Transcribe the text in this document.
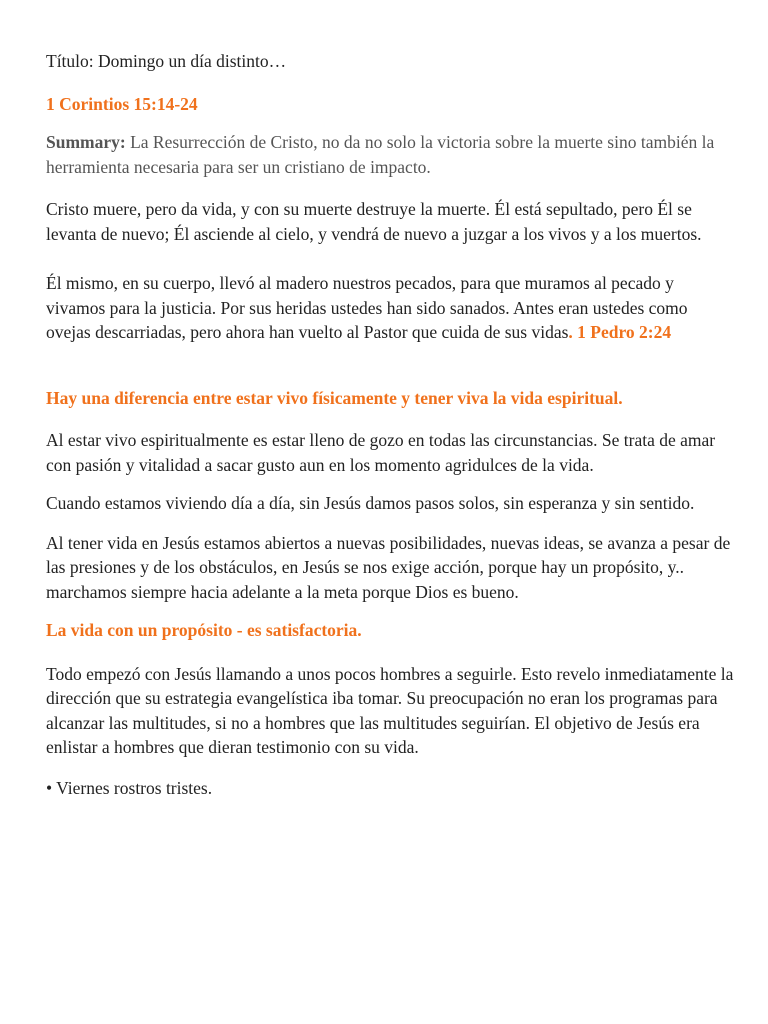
Título: Domingo un día distinto…

1 Corintios 15:14-24

Summary: La Resurrección de Cristo, no da no solo la victoria sobre la muerte sino también la herramienta necesaria para ser un cristiano de impacto.

Cristo muere, pero da vida, y con su muerte destruye la muerte. Él está sepultado, pero Él se levanta de nuevo; Él asciende al cielo, y vendrá de nuevo a juzgar a los vivos y a los muertos.

Él mismo, en su cuerpo, llevó al madero nuestros pecados, para que muramos al pecado y vivamos para la justicia. Por sus heridas ustedes han sido sanados. Antes eran ustedes como ovejas descarriadas, pero ahora han vuelto al Pastor que cuida de sus vidas. 1 Pedro 2:24

Hay una diferencia entre estar vivo físicamente y tener viva la vida espiritual.

Al estar vivo espiritualmente es estar lleno de gozo en todas las circunstancias. Se trata de amar con pasión y vitalidad a sacar gusto aun en los momento agridulces de la vida.

Cuando estamos viviendo día a día, sin Jesús damos pasos solos, sin esperanza y sin sentido.

Al tener vida en Jesús estamos abiertos a nuevas posibilidades, nuevas ideas, se avanza a pesar de las presiones y de los obstáculos, en Jesús se nos exige acción, porque hay un propósito, y.. marchamos siempre hacia adelante a la meta porque Dios es bueno.

La vida con un propósito - es satisfactoria.

Todo empezó con Jesús llamando a unos pocos hombres a seguirle. Esto revelo inmediatamente la dirección que su estrategia evangelística iba tomar. Su preocupación no eran los programas para alcanzar las multitudes, si no a hombres que las multitudes seguirían. El objetivo de Jesús era enlistar a hombres que dieran testimonio con su vida.

• Viernes rostros tristes.
